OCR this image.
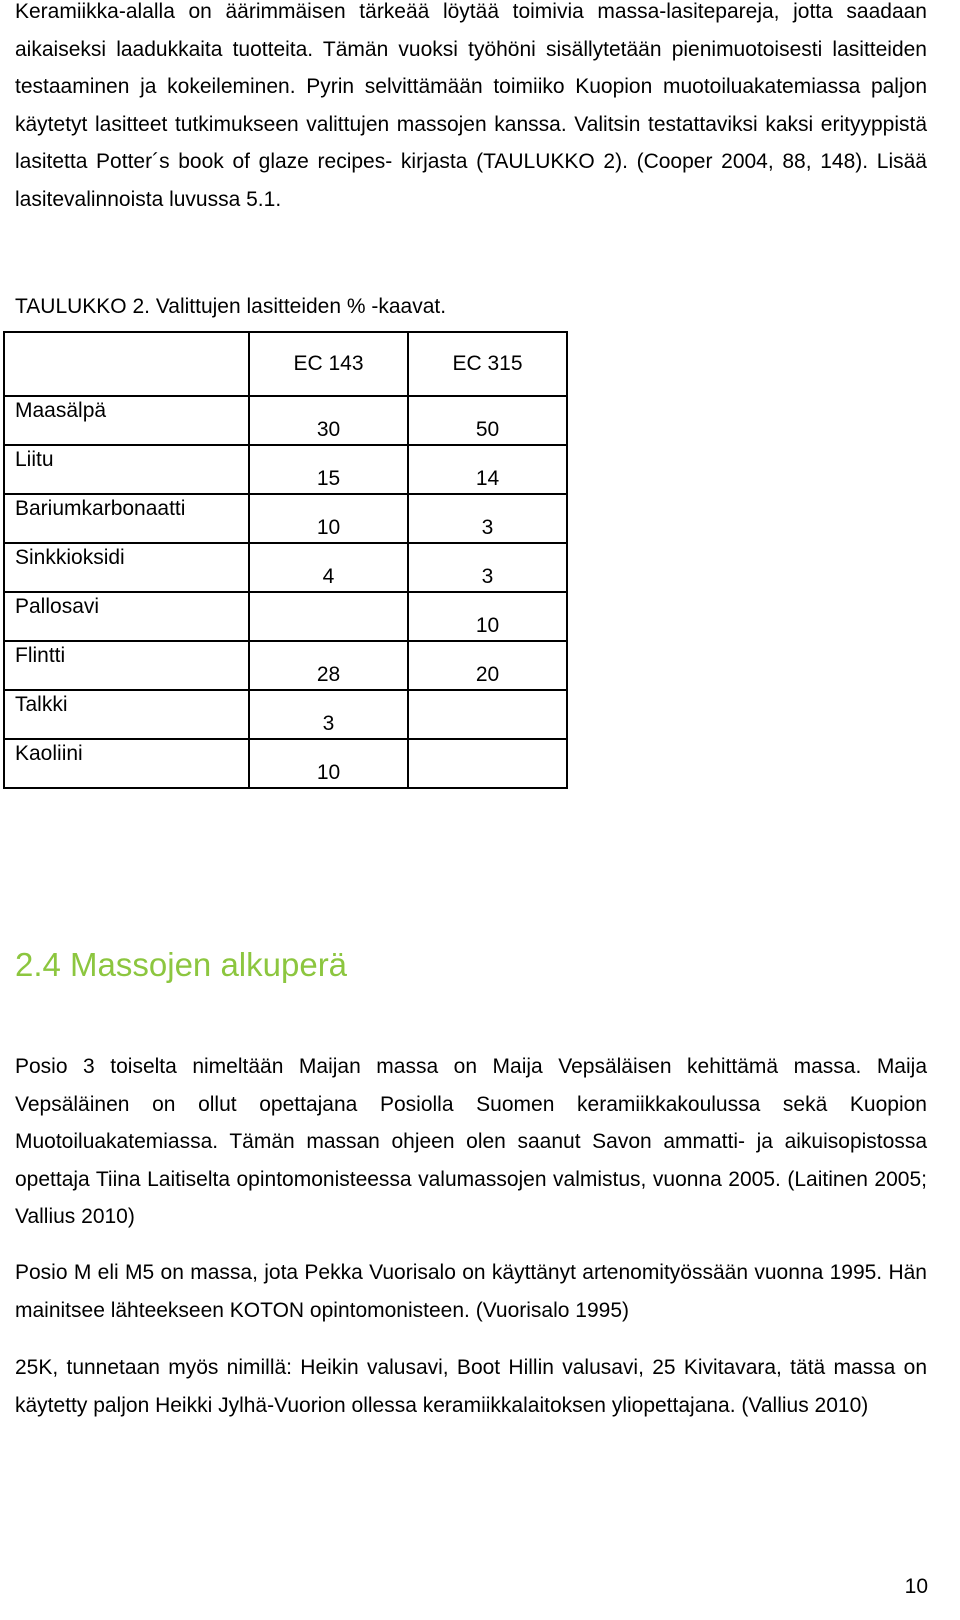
Keramiikka-alalla on äärimmäisen tärkeää löytää toimivia massa-lasitepareja, jotta saadaan aikaiseksi laadukkaita tuotteita. Tämän vuoksi työhöni sisällytetään pienimuotoisesti lasitteiden testaaminen ja kokeileminen. Pyrin selvittämään toimiiko Kuopion muotoiluakatemiassa paljon käytetyt lasitteet tutkimukseen valittujen massojen kanssa. Valitsin testattaviksi kaksi erityyppistä lasitetta Potter´s book of glaze recipes- kirjasta (TAULUKKO 2). (Cooper 2004, 88, 148). Lisää lasitevalinnoista luvussa 5.1.

TAULUKKO 2. Valittujen lasitteiden % -kaavat.

	EC 143	EC 315
Maasälpä	30	50
Liitu	15	14
Bariumkarbonaatti	10	3
Sinkkioksidi	4	3
Pallosavi		10
Flintti	28	20
Talkki	3	
Kaoliini	10	
2.4 Massojen alkuperä

Posio 3 toiselta nimeltään Maijan massa on Maija Vepsäläisen kehittämä massa. Maija Vepsäläinen on ollut opettajana Posiolla Suomen keramiikkakoulussa sekä Kuopion Muotoiluakatemiassa. Tämän massan ohjeen olen saanut Savon ammatti- ja aikuisopistossa opettaja Tiina Laitiselta opintomonisteessa valumassojen valmistus, vuonna 2005. (Laitinen 2005; Vallius 2010)

Posio M eli M5 on massa, jota Pekka Vuorisalo on käyttänyt artenomityössään vuonna 1995. Hän mainitsee lähteekseen KOTON opintomonisteen. (Vuorisalo 1995)

25K, tunnetaan myös nimillä: Heikin valusavi, Boot Hillin valusavi, 25 Kivitavara, tätä massa on käytetty paljon Heikki Jylhä-Vuorion ollessa keramiikkalaitoksen yliopettajana. (Vallius 2010)

10
